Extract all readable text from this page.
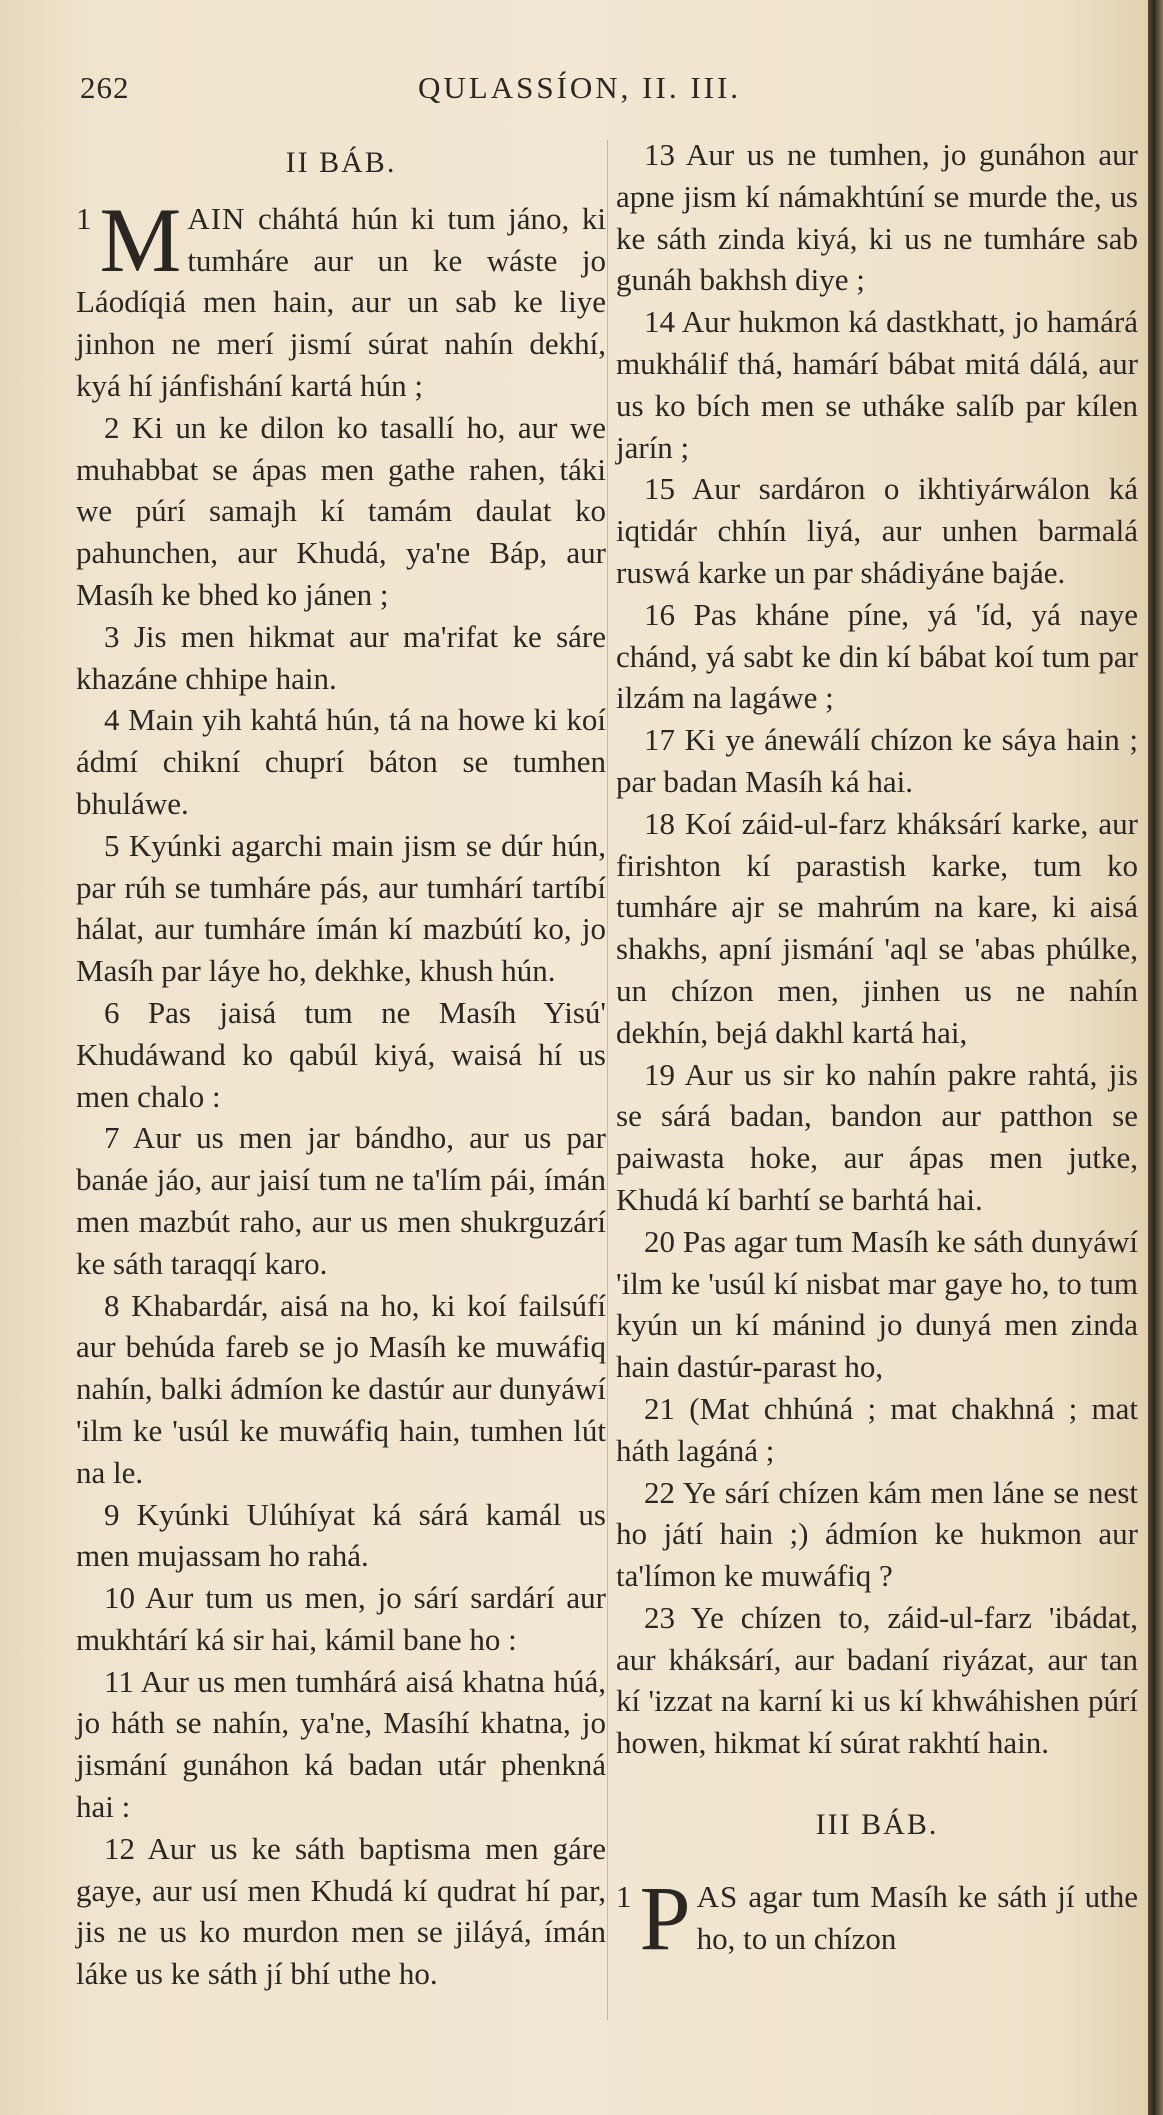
262	QULASSÍON, II. III.
II BÁB.

1 M AIN cháhtá hún ki tum jáno, ki tumháre aur un ke wáste jo Láodíqiá men hain, aur un sab ke liye jinhon ne merí jismí súrat nahín dekhí, kyá hí jánfishání kartá hún ;

2 Ki un ke dilon ko tasallí ho, aur we muhabbat se ápas men gathe rahen, táki we púrí samajh kí tamám daulat ko pahunchen, aur Khudá, ya'ne Báp, aur Masíh ke bhed ko jánen ;

3 Jis men hikmat aur ma'rifat ke sáre khazáne chhipe hain.

4 Main yih kahtá hún, tá na howe ki koí ádmí chikní chuprí báton se tumhen bhuláwe.

5 Kyúnki agarchi main jism se dúr hún, par rúh se tumháre pás, aur tumhárí tartíbí hálat, aur tumháre ímán kí mazbútí ko, jo Masíh par láye ho, dekhke, khush hún.

6 Pas jaisá tum ne Masíh Yisú' Khudáwand ko qabúl kiyá, waisá hí us men chalo :

7 Aur us men jar bándho, aur us par banáe jáo, aur jaisí tum ne ta'lím pái, ímán men mazbút raho, aur us men shukrguzárí ke sáth taraqqí karo.

8 Khabardár, aisá na ho, ki koí failsúfí aur behúda fareb se jo Masíh ke muwáfiq nahín, balki ádmíon ke dastúr aur dunyáwí 'ilm ke 'usúl ke muwáfiq hain, tumhen lút na le.

9 Kyúnki Ulúhíyat ká sárá kamál us men mujassam ho rahá.

10 Aur tum us men, jo sárí sardárí aur mukhtárí ká sir hai, kámil bane ho :

11 Aur us men tumhárá aisá khatna húá, jo háth se nahín, ya'ne, Masíhí khatna, jo jismání gunáhon ká badan utár phenkná hai :

12 Aur us ke sáth baptisma men gáre gaye, aur usí men Khudá kí qudrat hí par, jis ne us ko murdon men se jiláyá, ímán láke us ke sáth jí bhí uthe ho.

13 Aur us ne tumhen, jo gunáhon aur apne jism kí námakhtúní se murde the, us ke sáth zinda kiyá, ki us ne tumháre sab gunáh bakhsh diye ;

14 Aur hukmon ká dastkhatt, jo hamárá mukhálif thá, hamárí bábat mitá dálá, aur us ko bích men se utháke salíb par kílen jarín ;

15 Aur sardáron o ikhtiyárwálon ká iqtidár chhín liyá, aur unhen barmalá ruswá karke un par shádiyáne bajáe.

16 Pas kháne píne, yá 'íd, yá naye chánd, yá sabt ke din kí bábat koí tum par ilzám na lagáwe ;

17 Ki ye ánewálí chízon ke sáya hain ; par badan Masíh ká hai.

18 Koí záid-ul-farz kháksárí karke, aur firishton kí parastish karke, tum ko tumháre ajr se mahrúm na kare, ki aisá shakhs, apní jismání 'aql se 'abas phúlke, un chízon men, jinhen us ne nahín dekhín, bejá dakhl kartá hai,

19 Aur us sir ko nahín pakre rahtá, jis se sárá badan, bandon aur patthon se paiwasta hoke, aur ápas men jutke, Khudá kí barhtí se barhtá hai.

20 Pas agar tum Masíh ke sáth dunyáwí 'ilm ke 'usúl kí nisbat mar gaye ho, to tum kyún un kí mánind jo dunyá men zinda hain dastúr-parast ho,

21 (Mat chhúná ; mat chakhná ; mat háth lagáná ;

22 Ye sárí chízen kám men láne se nest ho játí hain ;) ádmíon ke hukmon aur ta'límon ke muwáfiq ?

23 Ye chízen to, záid-ul-farz 'ibádat, aur kháksárí, aur badaní riyázat, aur tan kí 'izzat na karní ki us kí khwáhishen púrí howen, hikmat kí súrat rakhtí hain.

III BÁB.

1 P AS agar tum Masíh ke sáth jí uthe ho, to un chízon
